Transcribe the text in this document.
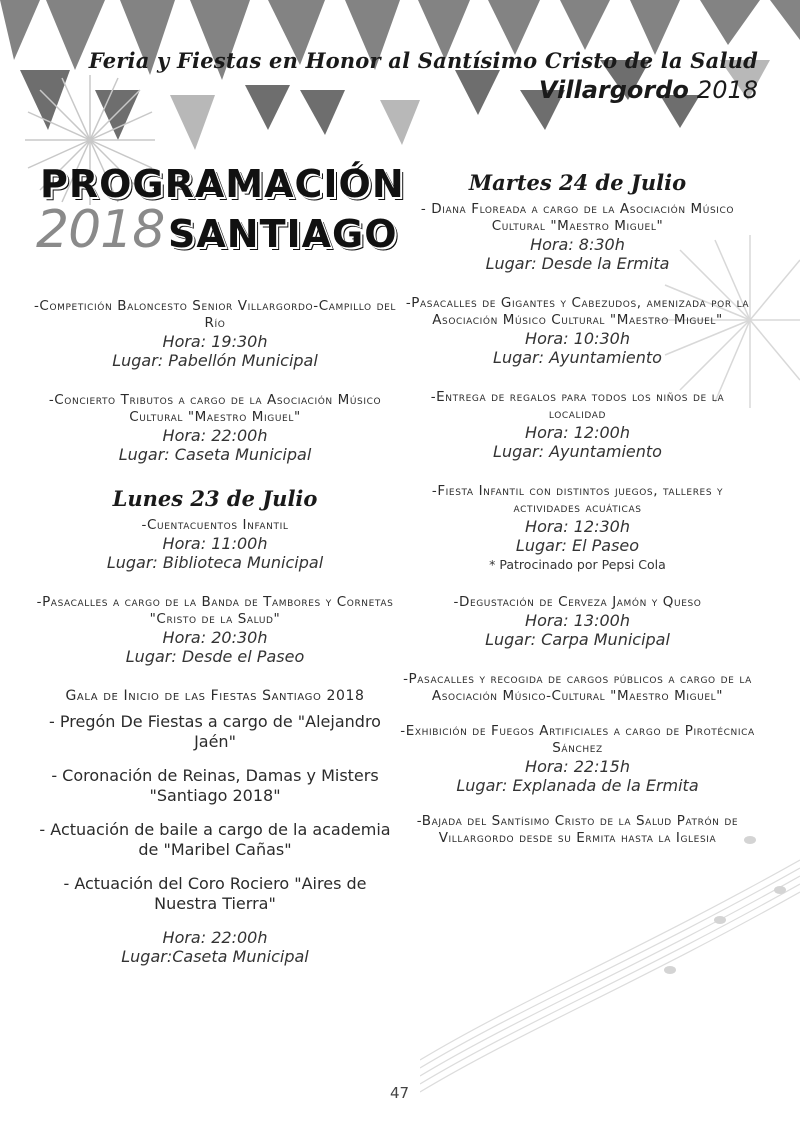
Feria y Fiestas en Honor al Santísimo Cristo de la Salud
Villargordo 2018
PROGRAMACIÓN
2018 SANTIAGO
-Competición Baloncesto Senior Villargordo-Campillo del Río
Hora: 19:30h
Lugar: Pabellón Municipal
-Concierto Tributos a cargo de la Asociación Músico Cultural "Maestro Miguel"
Hora: 22:00h
Lugar: Caseta Municipal
Lunes 23 de Julio
-Cuentacuentos Infantil
Hora: 11:00h
Lugar: Biblioteca Municipal
-Pasacalles a cargo de la Banda de Tambores y Cornetas "Cristo de la Salud"
Hora: 20:30h
Lugar: Desde el Paseo
Gala de Inicio de las Fiestas Santiago 2018
- Pregón De Fiestas a cargo de "Alejandro Jaén"
- Coronación de Reinas, Damas y Misters "Santiago 2018"
- Actuación de baile a cargo de la academia de "Maribel Cañas"
- Actuación del Coro Rociero "Aires de Nuestra Tierra"
Hora: 22:00h
Lugar:Caseta Municipal
Martes 24 de Julio
- Diana Floreada a cargo de la Asociación Músico Cultural "Maestro Miguel"
Hora: 8:30h
Lugar: Desde la Ermita
-Pasacalles de Gigantes y Cabezudos, amenizada por la Asociación Músico Cultural "Maestro Miguel"
Hora: 10:30h
Lugar: Ayuntamiento
-Entrega de regalos para todos los niños de la localidad
Hora: 12:00h
Lugar: Ayuntamiento
-Fiesta Infantil con distintos juegos, talleres y actividades acuáticas
Hora: 12:30h
Lugar: El Paseo
* Patrocinado por Pepsi Cola
-Degustación de Cerveza Jamón y Queso
Hora: 13:00h
Lugar: Carpa Municipal
-Pasacalles y recogida de cargos públicos a cargo de la Asociación Músico-Cultural "Maestro Miguel"
-Exhibición de Fuegos Artificiales a cargo de Pirotécnica Sánchez
Hora: 22:15h
Lugar: Explanada de la Ermita
-Bajada del Santísimo Cristo de la Salud Patrón de Villargordo desde su Ermita hasta la Iglesia
47
